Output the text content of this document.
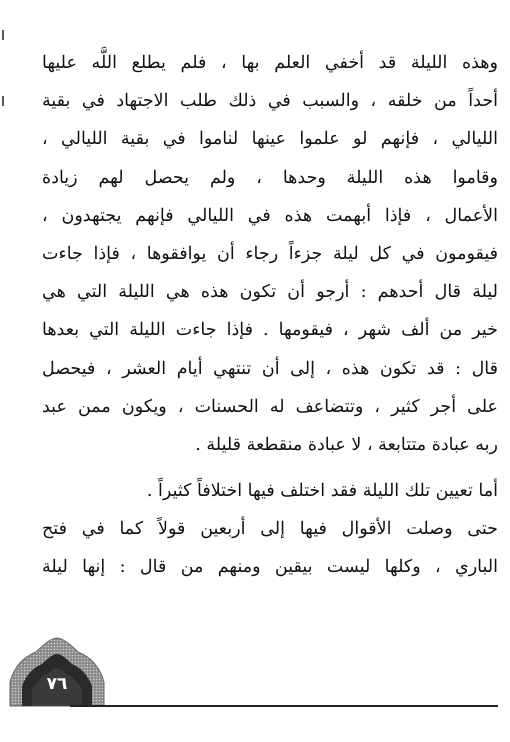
وهذه الليلة قد أخفي العلم بها ، فلم يطلع اللَّه عليها
أحداً من خلقه ، والسبب في ذلك طلب الاجتهاد في بقية
الليالي ، فإنهم لو علموا عينها لناموا في بقية الليالي ،
وقاموا هذه الليلة وحدها ، ولم يحصل لهم زيادة
الأعمال ، فإذا أبهمت هذه في الليالي فإنهم يجتهدون ،
فيقومون في كل ليلة جزءاً رجاء أن يوافقوها ، فإذا جاءت
ليلة قال أحدهم : أرجو أن تكون هذه هي الليلة التي هي
خير من ألف شهر ، فيقومها . فإذا جاءت الليلة التي بعدها
قال : قد تكون هذه ، إلى أن تنتهي أيام العشر ، فيحصل
على أجر كثير ، وتتضاعف له الحسنات ، ويكون ممن عبد
ربه عبادة متتابعة ، لا عبادة منقطعة قليلة .
أما تعيين تلك الليلة فقد اختلف فيها اختلافاً كثيراً .
حتى وصلت الأقوال فيها إلى أربعين قولاً كما في فتح
الباري ، وكلها ليست بيقين ومنهم من قال : إنها ليلة
٧٦
